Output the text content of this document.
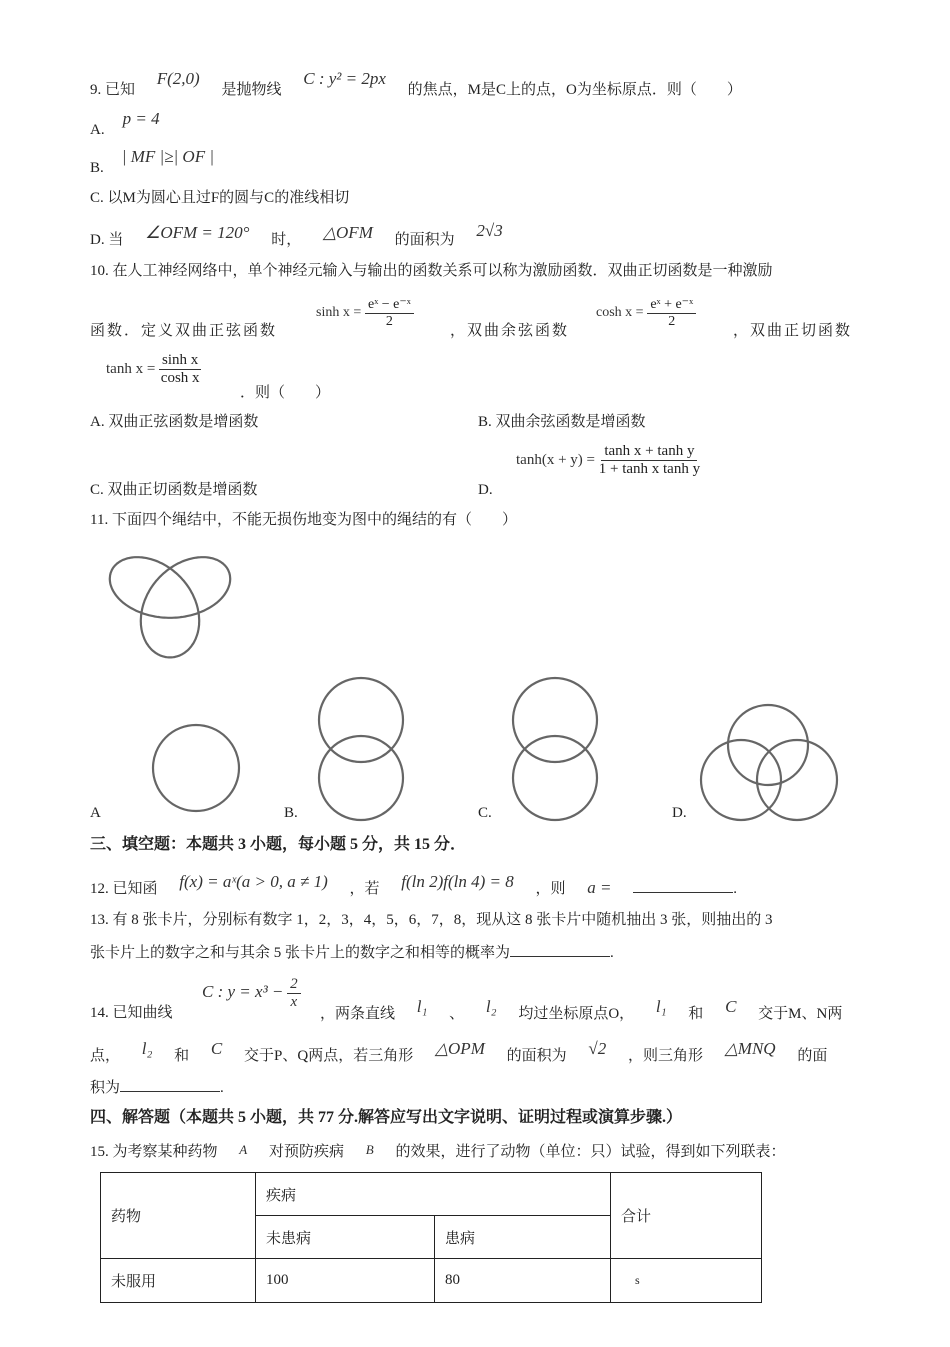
9. 已知 F(2,0) 是抛物线 C : y² = 2px 的焦点，M是C上的点，O为坐标原点．则（　　）
A.p = 4
B.| MF |≥| OF |
C. 以M为圆心且过F的圆与C的准线相切
D. 当 ∠OFM = 120° 时， △OFM 的面积为 2√3
10. 在人工神经网络中，单个神经元输入与输出的函数关系可以称为激励函数．双曲正切函数是一种激励
函数．定义双曲正弦函数
$\sinh x = \frac{\text{eˣ − e⁻ˣ}}{2}$
，双曲余弦函数
$\cosh x = \frac{\text{eˣ + e⁻ˣ}}{2}$
，双曲正切函数
$\tanh x = \frac{\text{sinh x}}{\text{cosh x}}$
．则（　　）
A. 双曲正弦函数是增函数	B. 双曲余弦函数是增函数
C. 双曲正切函数是增函数	D.
$\tanh(x + y) = \frac{\text{tanh x + tanh y}}{\text{1 + tanh x tanh y}}$
11. 下面四个绳结中，不能无损伤地变为图中的绳结的有（　　）
A	B.	C.	D.
三、填空题：本题共 3 小题，每小题 5 分，共 15 分．
12. 已知函 f(x) = aˣ(a > 0, a ≠ 1) ，若 f(ln 2)f(ln 4) = 8 ，则 a =	.
13. 有 8 张卡片，分别标有数字 1，2，3，4，5，6，7，8，现从这 8 张卡片中随机抽出 3 张，则抽出的 3
张卡片上的数字之和与其余 5 张卡片上的数字之和相等的概率为	.
14. 已知曲线
C : $y = x^3 - \frac{2}{x}$
，两条直线 l₁ 、 l₂ 均过坐标原点O， l₁ 和 C 交于M、N两
点， l₂ 和 C 交于P、Q两点，若三角形 △OPM 的面积为 √2 ，则三角形 △MNQ 的面
积为	.
四、解答题（本题共 5 小题，共 77 分.解答应写出文字说明、证明过程或演算步骤.）
15. 为考察某种药物 A 对预防疾病 B 的效果，进行了动物（单位：只）试验，得到如下列联表：
药物	疾病		合计
	未患病	患病	
未服用	100	80	s
